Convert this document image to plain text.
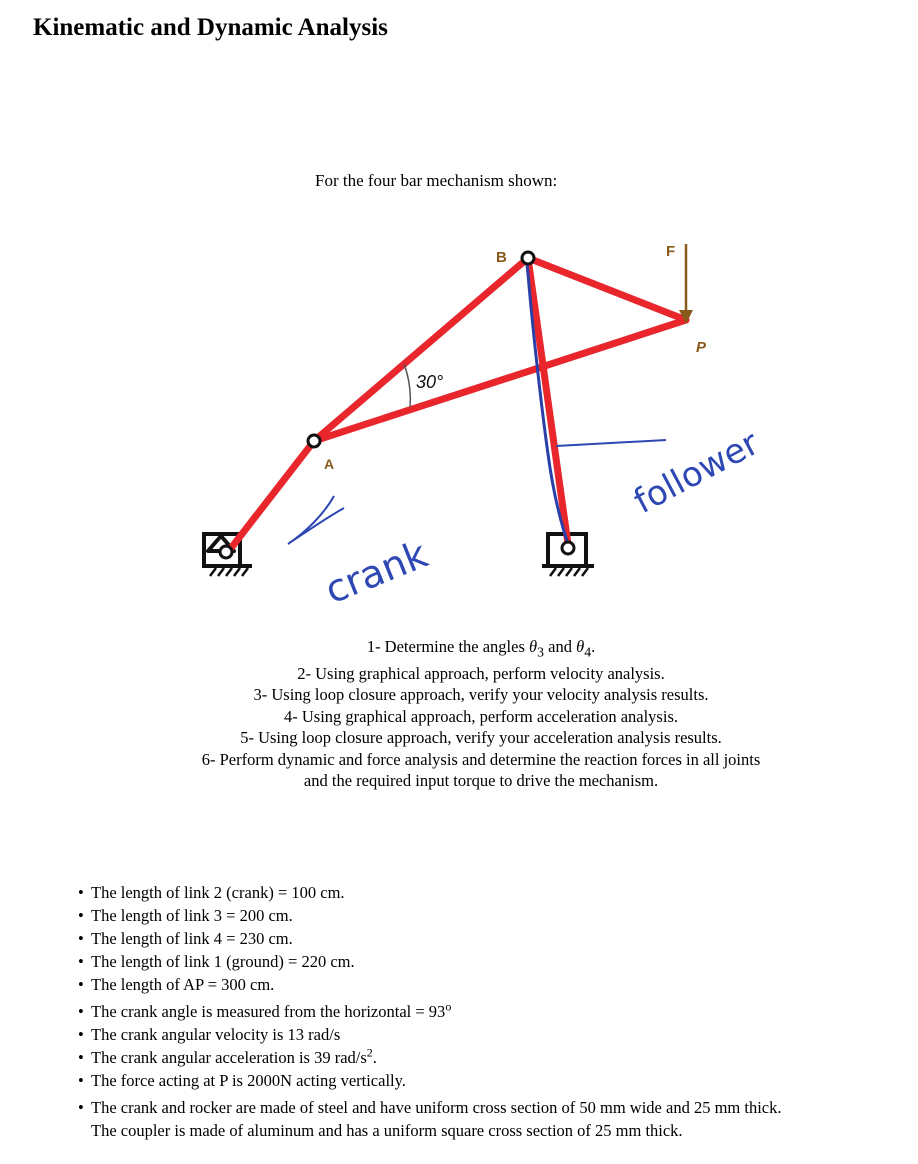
Kinematic and Dynamic Analysis
For the four bar mechanism shown:
B	F
P
A
30°
crank
follower
1- Determine the angles $\theta_3$ and $\theta_4$.
2- Using graphical approach, perform velocity analysis.
3- Using loop closure approach, verify your velocity analysis results.
4- Using graphical approach, perform acceleration analysis.
5- Using loop closure approach, verify your acceleration analysis results.
6- Perform dynamic and force analysis and determine the reaction forces in all joints and the required input torque to drive the mechanism.
• The length of link 2 (crank) = 100 cm.
• The length of link 3 = 200 cm.
• The length of link 4 = 230 cm.
• The length of link 1 (ground) = 220 cm.
• The length of AP = 300 cm.
• The crank angle is measured from the horizontal = $93^o$
• The crank angular velocity is 13 rad/s
• The crank angular acceleration is 39 rad/$s^2$.
• The force acting at P is 2000N acting vertically.
• The crank and rocker are made of steel and have uniform cross section of 50 mm wide and 25 mm thick.
The coupler is made of aluminum and has a uniform square cross section of 25 mm thick.
